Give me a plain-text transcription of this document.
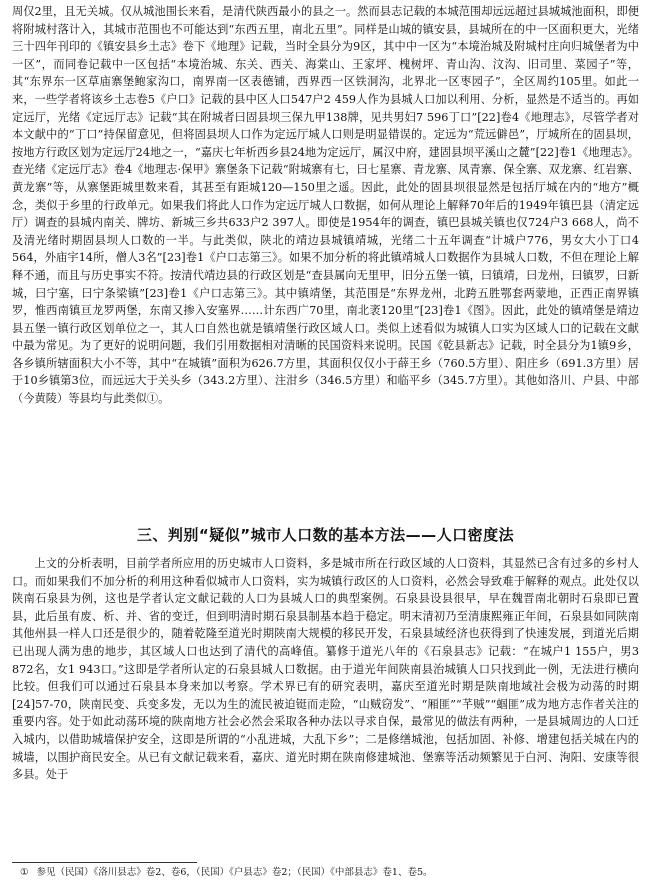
周仅2里，且无关城。仅从城池围长来看，是清代陕西最小的县之一。然而县志记载的本城范围却远远超过县城城池面积，即便将附城村落计入，其城市范围也不可能达到“东西五里，南北五里”。同样是山城的镇安县，县城所在的中一区面积更大，光绪三十四年刊印的《镇安县乡土志》卷下《地理》记载，当时全县分为9区，其中中一区为“本境治城及附城村庄向归城堡者为中一区”，而同卷记载中一区包括“本境治城、东关、西关、海棠山、王家坪、槐树坪、青山沟、汶沟、旧司里、菜园子”等，其“东界东一区草庙寨堡鲍家沟口，南界南一区表德铺，西界西一区铁洞沟，北界北一区枣园子”，全区周约105里。如此一来，一些学者将该乡土志卷5《户口》记载的县中区人口547户2 459人作为县城人口加以利用、分析，显然是不适当的。再如定远厅，光绪《定远厅志》记载“其在附城者曰固县坝三保九甲138牌，见共男妇7 596丁口”[22]卷4《地理志》，尽管学者对本文献中的“丁口”持保留意见，但将固县坝人口作为定远厅城人口则是明显错误的。定远为“荒远僻邑”，厅城所在的固县坝，按地方行政区划为定远厅24地之一，“嘉庆七年析西乡县24地为定远厅，属汉中府，建固县坝平溪山之麓”[22]卷1《地理志》。查光绪《定远厅志》卷4《地理志·保甲》寨堡条下记载“附城寨有七，曰七星寨、青龙寨、凤青寨、保全寨、双龙寨、红岩寨、黄龙寨”等，从寨堡距城里数来看，其甚至有距城120—150里之遥。因此，此处的固县坝很显然是包括厅城在内的“地方”概念，类似于乡里的行政单元。如果我们将此人口作为定远厅城人口数据，如何从理论上解释70年后的1949年镇巴县（清定远厅）调查的县城内南关、牌坊、新城三乡共633户2 397人。即使是1954年的调查，镇巴县城关镇也仅724户3 668人，尚不及清光绪时期固县坝人口数的一半。与此类似，陕北的靖边县城镇靖城，光绪二十五年调查“计城户776，男女大小丁口4 564，外庙宇14所，僧人3名”[23]卷1《户口志第三》。如果不加分析的将此镇靖城人口数据作为县城人口数，不但在理论上解释不通，而且与历史事实不符。按清代靖边县的行政区划是“查县属向无里甲，旧分五堡一镇，曰镇靖，曰龙州，曰镇罗，曰新城，曰宁塞，曰宁条梁镇”[23]卷1《户口志第三》。其中镇靖堡，其范围是“东界龙州，北跨五胜鄂套两蒙地，正西正南界镇罗，惟西南镇亘龙罗两堡，东南又掺入安塞界……计东西广70里，南北袤120里”[23]卷1《图》。因此，此处的镇靖堡是靖边县五堡一镇行政区划单位之一，其人口自然也就是镇靖堡行政区域人口。类似上述看似为城镇人口实为区域人口的记载在文献中最为常见。为了更好的说明问题，我们引用数据相对清晰的民国资料来说明。民国《乾县新志》记载，时全县分为1镇9乡，各乡镇所辖面积大小不等，其中“在城镇”面积为626.7方里，其面积仅仅小于薛王乡（760.5方里）、阳庄乡（691.3方里）居于10乡镇第3位，而远远大于关头乡（343.2方里）、注泔乡（346.5方里）和临平乡（345.7方里）。其他如洛川、户县、中部（今黄陵）等县均与此类似①。

三、判别“疑似”城市人口数的基本方法——人口密度法

上文的分析表明，目前学者所应用的历史城市人口资料，多是城市所在行政区域的人口资料，其显然已含有过多的乡村人口。而如果我们不加分析的利用这种看似城市人口资料，实为城镇行政区的人口资料，必然会导致难于解释的观点。此处仅以陕南石泉县为例，这也是学者认定文献记载的人口为县城人口的典型案例。石泉县设县很早，早在魏晋南北朝时石泉即已置县，此后虽有废、析、并、省的变迁，但到明清时期石泉县制基本趋于稳定。明末清初乃至清康熙雍正年间，石泉县如同陕南其他州县一样人口还是很少的，随着乾隆至道光时期陕南大规模的移民开发，石泉县域经济也获得到了快速发展，到道光后期已出现人满为患的地步，其区域人口也达到了清代的高峰值。纂修于道光八年的《石泉县志》记载：“在城户1 155户，男3 872名，女1 943口。”这即是学者所认定的石泉县城人口数据。由于道光年间陕南县治城镇人口只找到此一例，无法进行横向比较。但我们可以通过石泉县本身来加以考察。学术界已有的研究表明，嘉庆至道光时期是陕南地域社会极为动荡的时期[24]57-70，陕南民变、兵变多发，无以为生的流民被迫铤而走险，“山贼窃发”、“厢匪”“芊贼”“蝈匪”成为地方志作者关注的重要内容。处于如此动荡环境的陕南地方社会必然会采取各种办法以寻求自保，最常见的做法有两种，一是县城周边的人口迁入城内，以借助城墙保护安全，这即是所谓的“小乱进城，大乱下乡”；二是修缮城池，包括加固、补修、增建包括关城在内的城墙，以围护商民安全。从已有文献记载来看，嘉庆、道光时期在陕南修建城池、堡寨等活动频繁见于白河、洵阳、安康等很多县。处于

① 参见（民国）《洛川县志》卷2、卷6，（民国）《户县志》卷2；（民国）《中部县志》卷1、卷5。
